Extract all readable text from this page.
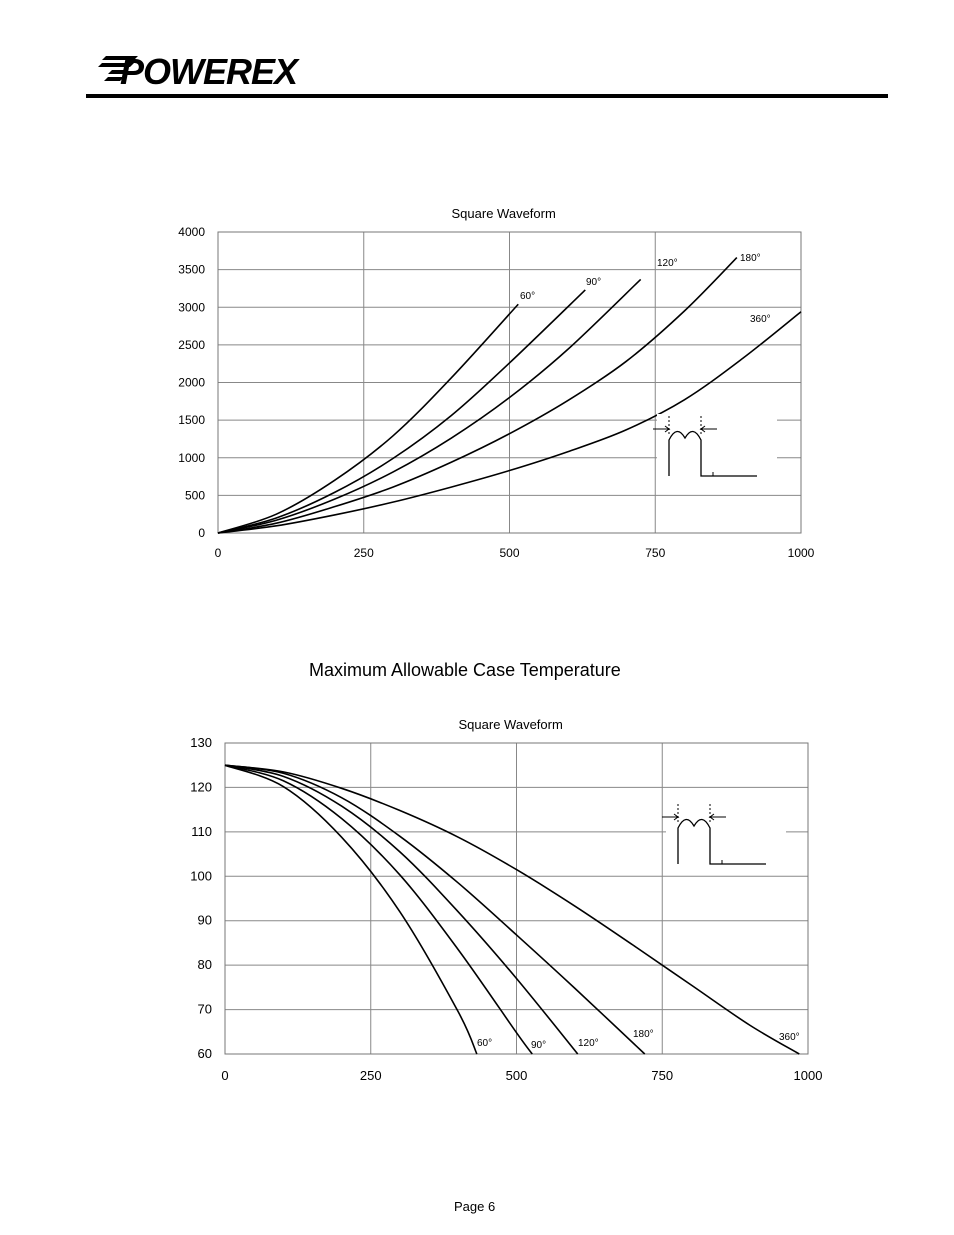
POWEREX
0	250	500	750	1000
0
500
1000
1500
2000
2500
3000
3500
4000
Square Waveform
60°
90°
120°	180°
360°
Maximum Allowable Case Temperature
0	250	500	750	1000
60
70
80
90
100
110
120
130
Square Waveform
60°	90°	120°
180°	360°
Page 6
